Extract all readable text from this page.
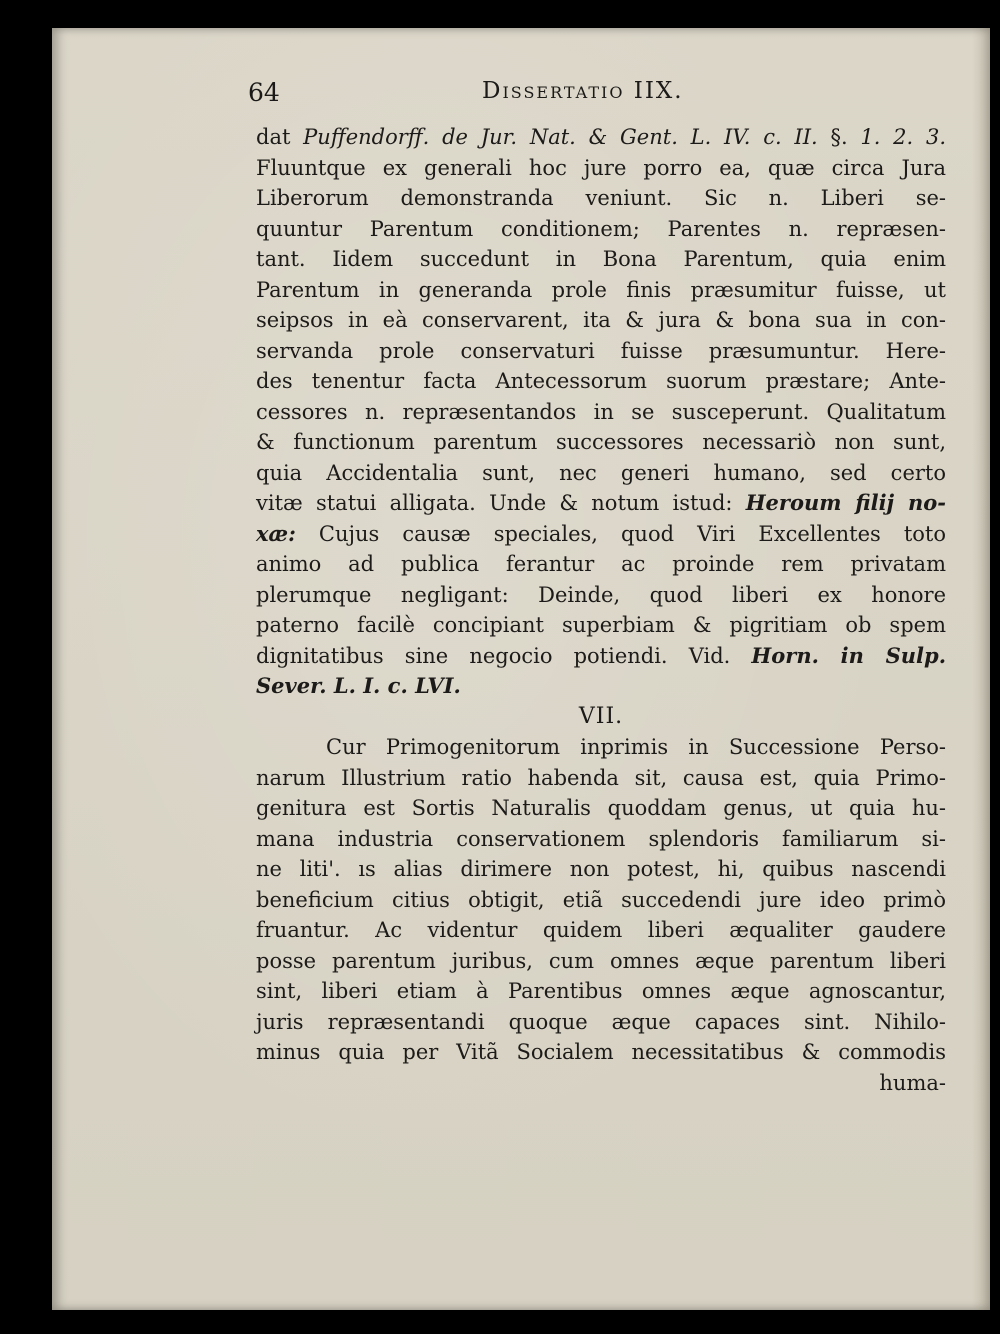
64	Dissertatio IIX.
dat Puffendorff. de Jur. Nat. & Gent. L. IV. c. II. §. 1. 2. 3.
Fluuntque ex generali hoc jure porro ea, quæ circa Jura
Liberorum demonstranda veniunt. Sic n. Liberi se-
quuntur Parentum conditionem; Parentes n. repræsen-
tant. Iidem succedunt in Bona Parentum, quia enim
Parentum in generanda prole finis præsumitur fuisse, ut
seipsos in eà conservarent, ita & jura & bona sua in con-
servanda prole conservaturi fuisse præsumuntur. Here-
des tenentur facta Antecessorum suorum præstare; Ante-
cessores n. repræsentandos in se susceperunt. Qualitatum
& functionum parentum successores necessariò non sunt,
quia Accidentalia sunt, nec generi humano, sed certo
vitæ statui alligata. Unde & notum istud: Heroum filij no-
xæ: Cujus causæ speciales, quod Viri Excellentes toto
animo ad publica ferantur ac proinde rem privatam
plerumque negligant: Deinde, quod liberi ex honore
paterno facilè concipiant superbiam & pigritiam ob spem
dignitatibus sine negocio potiendi. Vid. Horn. in Sulp.
Sever. L. I. c. LVI.
VII.
Cur Primogenitorum inprimis in Successione Perso-
narum Illustrium ratio habenda sit, causa est, quia Primo-
genitura est Sortis Naturalis quoddam genus, ut quia hu-
mana industria conservationem splendoris familiarum si-
ne liti'. ıs alias dirimere non potest, hi, quibus nascendi
beneficium citius obtigit, etiã succedendi jure ideo primò
fruantur. Ac videntur quidem liberi æqualiter gaudere
posse parentum juribus, cum omnes æque parentum liberi
sint, liberi etiam à Parentibus omnes æque agnoscantur,
juris repræsentandi quoque æque capaces sint. Nihilo-
minus quia per Vitã Socialem necessitatibus & commodis
huma-
